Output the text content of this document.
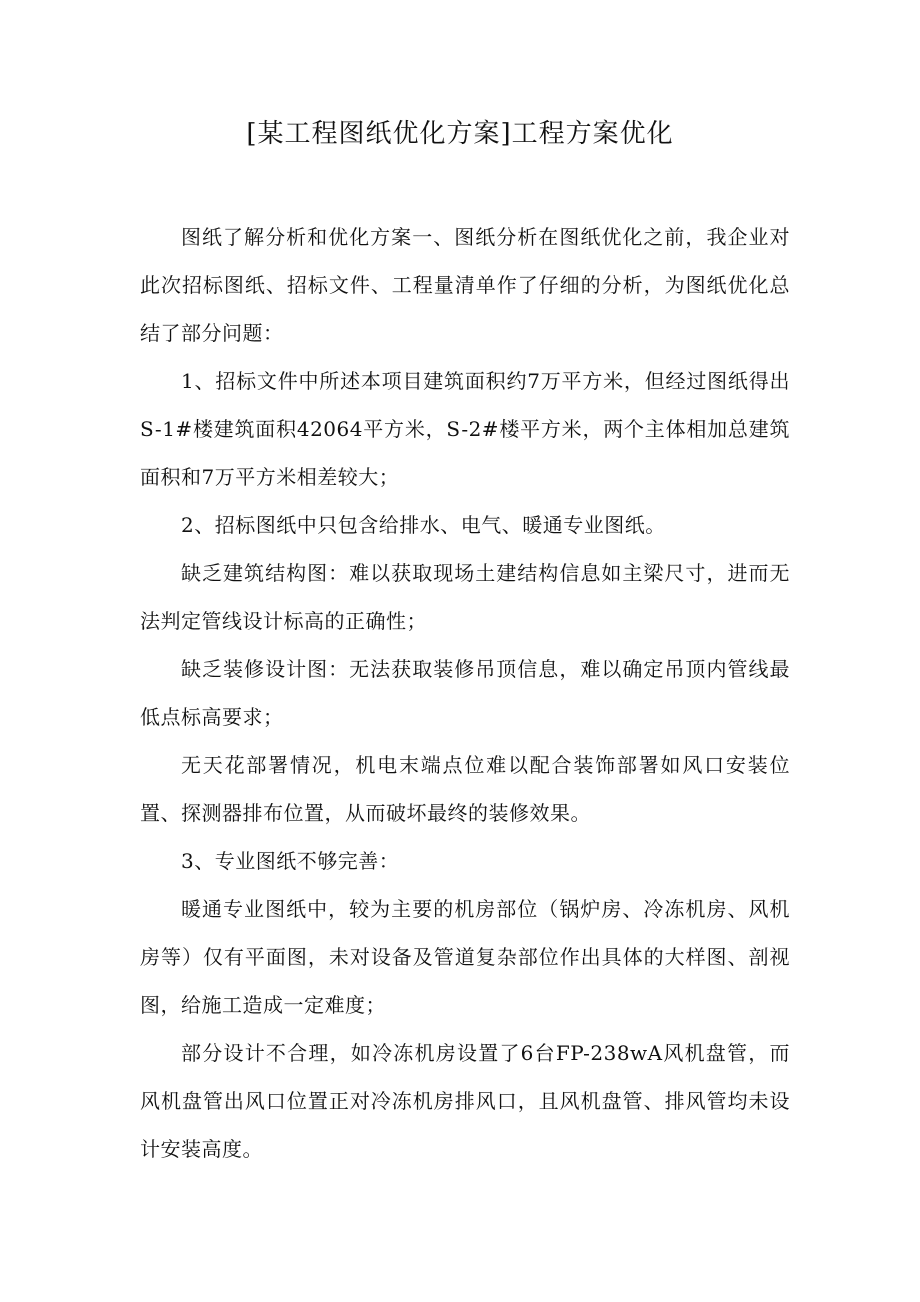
[某工程图纸优化方案]工程方案优化

图纸了解分析和优化方案一、图纸分析在图纸优化之前，我企业对此次招标图纸、招标文件、工程量清单作了仔细的分析，为图纸优化总结了部分问题：

1、招标文件中所述本项目建筑面积约7万平方米，但经过图纸得出S-1#楼建筑面积42064平方米，S-2#楼平方米，两个主体相加总建筑面积和7万平方米相差较大；

2、招标图纸中只包含给排水、电气、暖通专业图纸。

缺乏建筑结构图：难以获取现场土建结构信息如主梁尺寸，进而无法判定管线设计标高的正确性；

缺乏装修设计图：无法获取装修吊顶信息，难以确定吊顶内管线最低点标高要求；

无天花部署情况，机电末端点位难以配合装饰部署如风口安装位置、探测器排布位置，从而破坏最终的装修效果。

3、专业图纸不够完善：

暖通专业图纸中，较为主要的机房部位（锅炉房、冷冻机房、风机房等）仅有平面图，未对设备及管道复杂部位作出具体的大样图、剖视图，给施工造成一定难度；

部分设计不合理，如冷冻机房设置了6台FP-238wA风机盘管，而风机盘管出风口位置正对冷冻机房排风口，且风机盘管、排风管均未设计安装高度。
